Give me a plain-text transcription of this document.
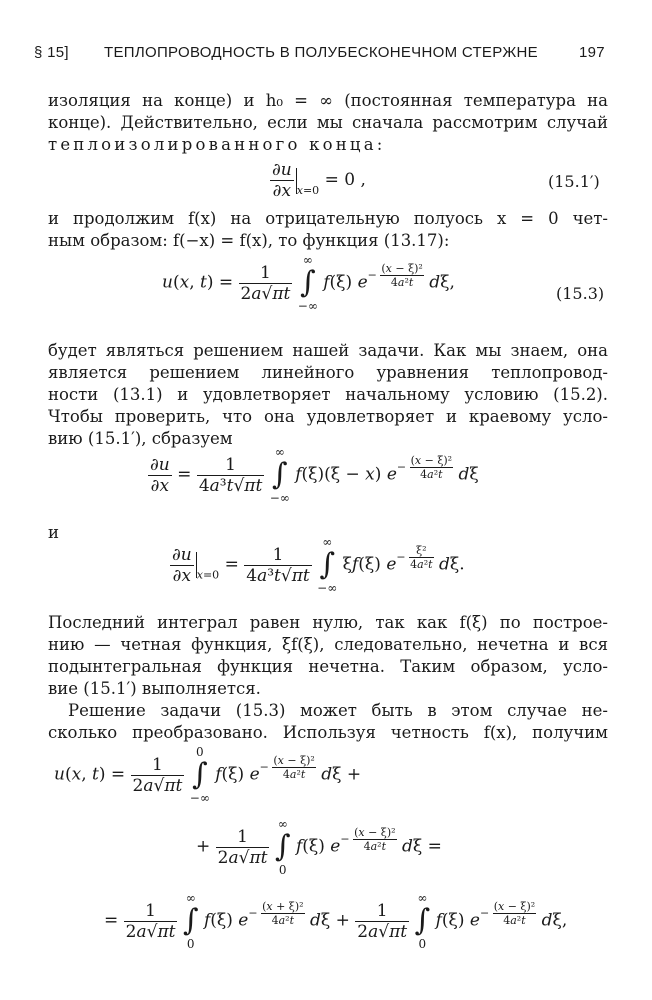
§ 15] ТЕПЛОПРОВОДНОСТЬ В ПОЛУБЕСКОНЕЧНОМ СТЕРЖНЕ	197
изоляция на конце) и h₀ = ∞ (постоянная температура на
конце). Действительно, если мы сначала рассмотрим случай
теплоизолированного конца:
$\frac{\partial u}{\partial x} _{x=0} = 0$ ,	(15.1′)
и продолжим f(x) на отрицательную полуось x = 0 чет-
ным образом: f(−x) = f(x), то функция (13.17):
u(x, $t) = \frac{1}{2a√\pi t}$

∞
∫
−∞
f(ξ) $e- \frac{\text{(x − ξ)²}}{\text{4a²t}} d\xi$,
(15.3)
будет являться решением нашей задачи. Как мы знаем, она
является решением линейного уравнения теплопровод-
ности (13.1) и удовлетворяет начальному условию (15.2).
Чтобы проверить, что она удовлетворяет и краевому усло-
вию (15.1′), сбразуем
$\frac{\partial u}{\partial x} = \frac{1}{\text{4a³t√πt}}$

∞
∫
−∞
f(ξ)(ξ − x) $e- \frac{\text{(x − ξ)²}}{\text{4a²t}}$ dξ
и
$\frac{\partial u}{\partial x} _{x=0} = \frac{1}{\text{4a³t√πt}}$

∞
∫
−∞
ξf(ξ) $e- \frac{\text{ξ²}}{\text{4a²t}} d\xi$.
Последний интеграл равен нулю, так как f(ξ) по построе-
нию — четная функция, ξf(ξ), следовательно, нечетна и вся
подынтегральная функция нечетна. Таким образом, усло-
вие (15.1′) выполняется.
Решение задачи (15.3) может быть в этом случае не-
сколько преобразовано. Используя четность f(x), получим
u(x, $t) = \frac{1}{2a√\pi t}$

0
∫
−∞
f(ξ) $e- \frac{\text{(x − ξ)²}}{\text{4a²t}}$ dξ +
+ $\frac{1}{2a√\pi t}$

∞
∫
0
f(ξ) $e- \frac{\text{(x − ξ)²}}{\text{4a²t}}$ dξ =
= $\frac{1}{2a√\pi t}$

∞
∫
0
f(ξ) $e- \frac{\text{(x + ξ)²}}{\text{4a²t}}$ $d\xi + \frac{1}{2a√\pi t}$

∞
∫
0
f(ξ) $e- \frac{\text{(x − ξ)²}}{\text{4a²t}} d\xi$,
